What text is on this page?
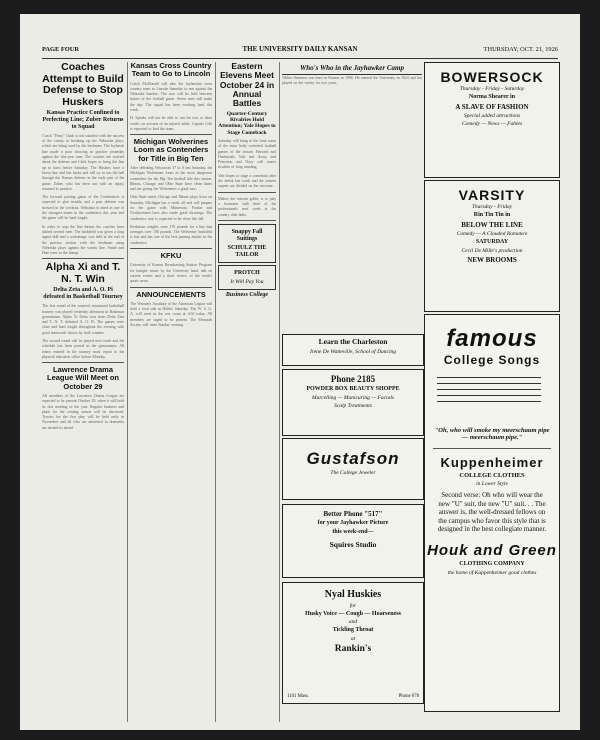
PAGE FOUR	THE UNIVERSITY DAILY KANSAN	THURSDAY, OCT. 21, 1926
Coaches Attempt to Build Defense to Stop Huskers
Kansas Practice Confined to Perfecting Line; Zuber Returns to Squad
Coach "Potsy" Clark is not satisfied with the success of the varsity in breaking up the Nebraska plays, which are being used by the freshmen. The Jayhawk line made a poor showing in practice yesterday against the first-year men. The coaches are worried about the defense and Clark hopes to bring the line up to form before Saturday. The Huskers have a heavy line and fast backs and will try to run the ball through the Kansas defense in the early part of the game. Zuber, who has been out with an injury, returned to practice.
The forward passing game of the Cornhuskers is expected to give trouble, and a pass defense was stressed in the workout. Nebraska is rated as one of the strongest teams in the conference this year and the game will be hard fought.
In order to stop the line thrusts the coaches have shifted several men. The backfield was given a long signal drill and a scrimmage was held at the end of the practice session with the freshmen using Nebraska plays against the varsity line. Smith and Hart were in the lineup.
Alpha Xi and T. N. T. Win
Delta Zeta and A. O. Pi defeated in Basketball Tourney
The first round of the women's intramural basketball tourney was played yesterday afternoon in Robinson gymnasium. Alpha Xi Delta won from Delta Zeta and T. N. T. defeated A. O. Pi. The games were close and hard fought throughout the evening with good teamwork shown by both winners.
The second round will be played next week and the schedule has been posted in the gymnasium. All teams entered in the tourney must report to the physical education office before Monday.
Lawrence Drama League Will Meet on October 29
All members of the Lawrence Drama League are expected to be present October 29, when it will hold its first meeting of the year. Regular business and plans for the coming season will be discussed. Tryouts for the first play will be held early in November and all who are interested in dramatics are invited to attend.
Kansas Cross Country Team to Go to Lincoln
Coach McDonald will take the Jayhawker cross country team to Lincoln Saturday to run against the Nebraska harriers. The race will be held between halves of the football game. Seven men will make the trip. The squad has been working hard this week.
H. Speaks will not be able to run for two or three weeks on account of an injured ankle. Captain Cole is expected to lead the team.
Michigan Wolverines Loom as Contenders for Title in Big Ten
After defeating Wisconsin 37 to 0 last Saturday, the Michigan Wolverines loom as the most dangerous contenders for the Big Ten football title this season. Illinois, Chicago and Ohio State have clean slates and are giving the Wolverines a good race.
Ohio State meets Chicago and Illinois plays Iowa on Saturday. Michigan has a week off and will prepare for the game with Minnesota. Purdue and Northwestern have also made good showings. The conference race is expected to be close this fall.
Freshman weights were 170 pounds for a line that averages over 190 pounds. The Wolverine backfield is fast and has one of the best passing attacks in the conference.
KFKU
University of Kansas Broadcasting Station. Program for tonight: music by the University band, talk on current events and a short review of the week's sports news.
ANNOUNCEMENTS
The Women's Auxiliary of the American Legion will hold a food sale in Hobbs' Saturday. The W. S. G. A. will meet in the rest room at 4:30 today. All members are urged to be present. The Menorah Society will meet Sunday evening.
Eastern Elevens Meet October 24 in Annual Battles
Quarter-Century Rivalries Hold Attention; Yale Hopes to Stage Comeback
Saturday will bring to the front some of the most hotly contested football games of the season. Harvard and Dartmouth, Yale and Army, and Princeton and Navy will renew rivalries of long standing.
Yale hopes to stage a comeback after the defeat last week and the eastern experts are divided on the outcome.
Maker, the veteran golfer, is to play a foursome with three of the professionals next week at the country club links.
Snappy Fall Suitings
SCHULZ THE TAILOR
PROTCH
It Will Pay You
Business College
Who's Who in the Jayhawker Camp
Walter Shannon was born in Kansas in 1906. He entered the University in 1924 and has played on the varsity for two years.
Learn the Charleston
Irene De Watteville, School of Dancing
Phone 2185
POWDER BOX BEAUTY SHOPPE
Marcelling — Manicuring — Facials
Scalp Treatments
Gustafson
The College Jeweler
Better Phone "517"
for your Jayhawker Picture
this week-end—
Squires Studio
Nyal Huskies
for
Husky Voice — Cough — Hoarseness
and
Tickling Throat
at
Rankin's
1101 Mass.	Phone 678
BOWERSOCK
Thursday - Friday - Saturday
Norma Shearer in
A SLAVE OF FASHION
Special added attractions
Comedy — News — Fables
VARSITY
Thursday - Friday
Rin Tin Tin in
BELOW THE LINE
Comedy — A Clouded Romance
SATURDAY
Cecil De Mille's production
NEW BROOMS
famous
College Songs
"Oh, who will smoke my meerschaum pipe— meerschaum pipe."
Kuppenheimer
COLLEGE CLOTHES
in Lower Style
Second verse: Oh who will wear the new "U" suit, the new "U" suit. . . The answer is, the well-dressed fellows on the campus who favor this style that is designed in the best collegiate manner.
Houk and Green
CLOTHING COMPANY
the home of Kuppenheimer good clothes
